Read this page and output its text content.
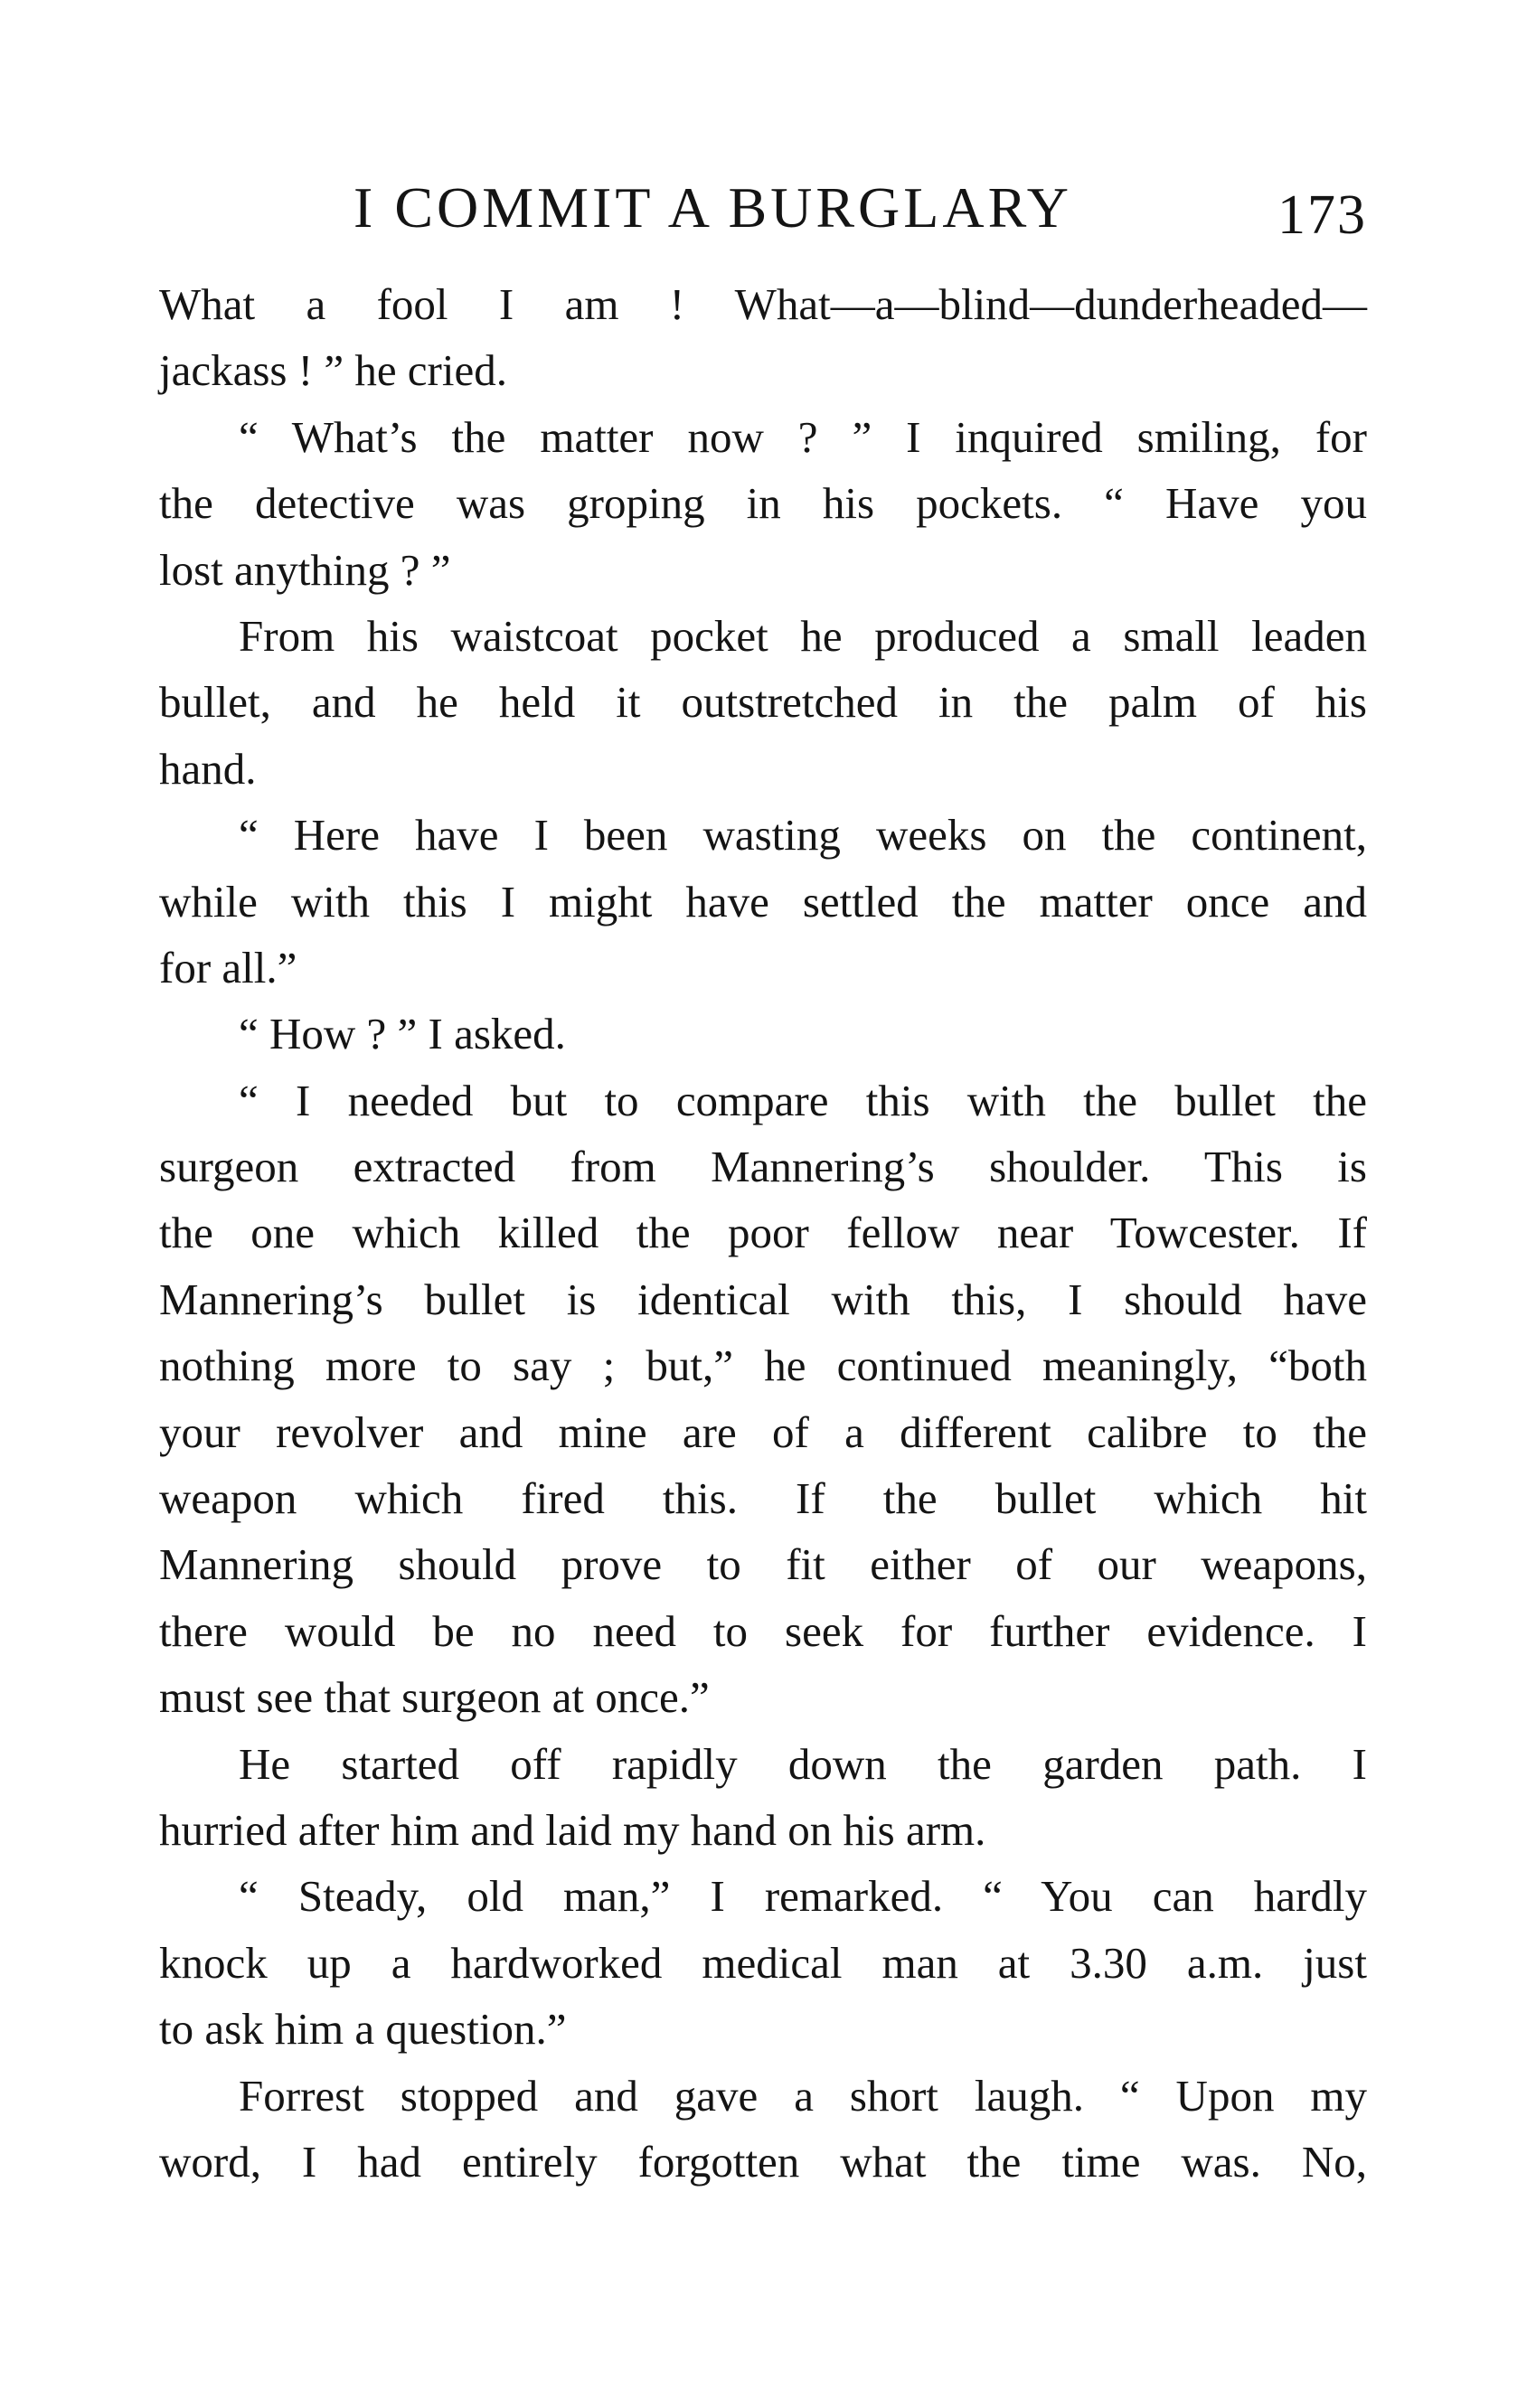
I COMMIT A BURGLARY	173
What a fool I am ! What—a—blind—dunderheaded—
jackass ! ” he cried.
“ What’s the matter now ? ” I inquired smiling, for
the detective was groping in his pockets. “ Have you
lost anything ? ”
From his waistcoat pocket he produced a small leaden
bullet, and he held it outstretched in the palm of his
hand.
“ Here have I been wasting weeks on the continent,
while with this I might have settled the matter once and
for all.”
“ How ? ” I asked.
“ I needed but to compare this with the bullet the
surgeon extracted from Mannering’s shoulder. This is
the one which killed the poor fellow near Towcester. If
Mannering’s bullet is identical with this, I should have
nothing more to say ; but,” he continued meaningly, “both
your revolver and mine are of a different calibre to the
weapon which fired this. If the bullet which hit
Mannering should prove to fit either of our weapons,
there would be no need to seek for further evidence. I
must see that surgeon at once.”
He started off rapidly down the garden path. I
hurried after him and laid my hand on his arm.
“ Steady, old man,” I remarked. “ You can hardly
knock up a hardworked medical man at 3.30 a.m. just
to ask him a question.”
Forrest stopped and gave a short laugh. “ Upon my
word, I had entirely forgotten what the time was. No,
